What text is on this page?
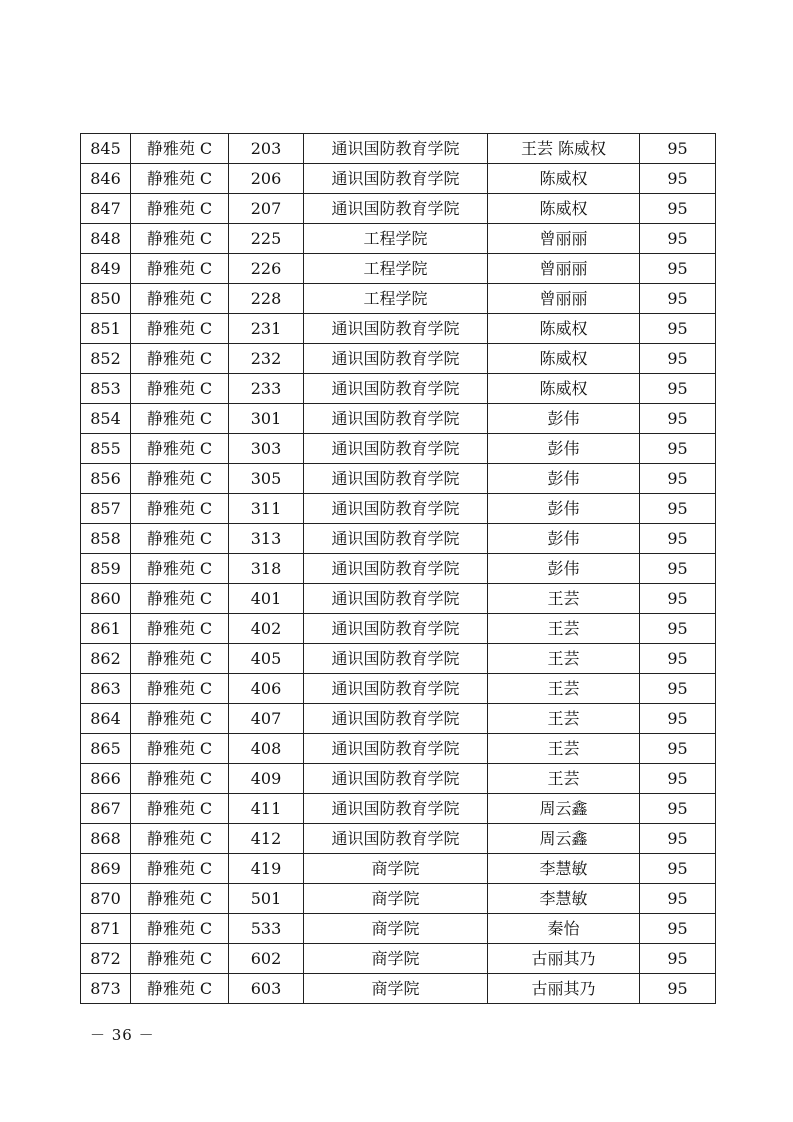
845	静雅苑 C	203	通识国防教育学院	王芸 陈威权	95
846	静雅苑 C	206	通识国防教育学院	陈威权	95
847	静雅苑 C	207	通识国防教育学院	陈威权	95
848	静雅苑 C	225	工程学院	曾丽丽	95
849	静雅苑 C	226	工程学院	曾丽丽	95
850	静雅苑 C	228	工程学院	曾丽丽	95
851	静雅苑 C	231	通识国防教育学院	陈威权	95
852	静雅苑 C	232	通识国防教育学院	陈威权	95
853	静雅苑 C	233	通识国防教育学院	陈威权	95
854	静雅苑 C	301	通识国防教育学院	彭伟	95
855	静雅苑 C	303	通识国防教育学院	彭伟	95
856	静雅苑 C	305	通识国防教育学院	彭伟	95
857	静雅苑 C	311	通识国防教育学院	彭伟	95
858	静雅苑 C	313	通识国防教育学院	彭伟	95
859	静雅苑 C	318	通识国防教育学院	彭伟	95
860	静雅苑 C	401	通识国防教育学院	王芸	95
861	静雅苑 C	402	通识国防教育学院	王芸	95
862	静雅苑 C	405	通识国防教育学院	王芸	95
863	静雅苑 C	406	通识国防教育学院	王芸	95
864	静雅苑 C	407	通识国防教育学院	王芸	95
865	静雅苑 C	408	通识国防教育学院	王芸	95
866	静雅苑 C	409	通识国防教育学院	王芸	95
867	静雅苑 C	411	通识国防教育学院	周云鑫	95
868	静雅苑 C	412	通识国防教育学院	周云鑫	95
869	静雅苑 C	419	商学院	李慧敏	95
870	静雅苑 C	501	商学院	李慧敏	95
871	静雅苑 C	533	商学院	秦怡	95
872	静雅苑 C	602	商学院	古丽其乃	95
873	静雅苑 C	603	商学院	古丽其乃	95
－ 36 －
